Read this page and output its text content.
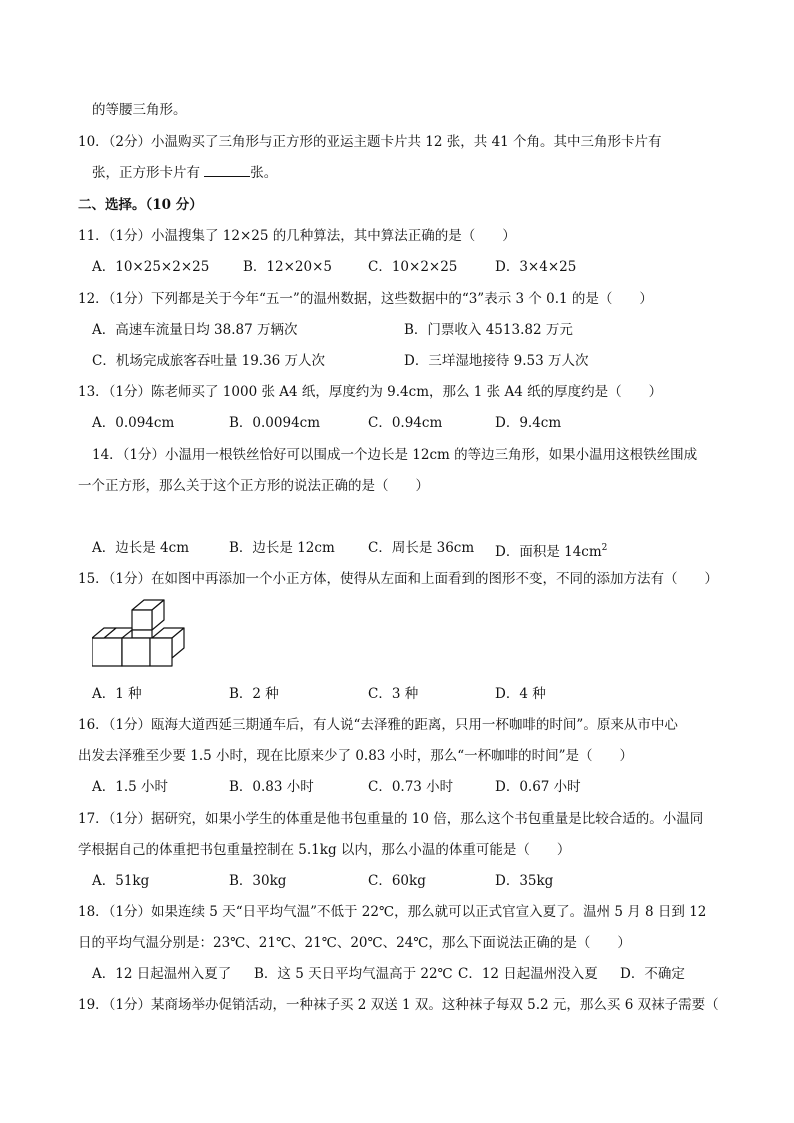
的等腰三角形。
10．（2分）小温购买了三角形与正方形的亚运主题卡片共 12 张，共 41 个角。其中三角形卡片有
张，正方形卡片有	张。
二、选择。（10 分）
11．（1分）小温搜集了 12×25 的几种算法，其中算法正确的是（　　）
A．10×25×2×25 B．12×20×5	C．10×2×25	D．3×4×25
12．（1分）下列都是关于今年“五一”的温州数据，这些数据中的“3”表示 3 个 0.1 的是（　　）
A．高速车流量日均 38.87 万辆次	B．门票收入 4513.82 万元
C．机场完成旅客吞吐量 19.36 万人次	D．三垟湿地接待 9.53 万人次
13．（1分）陈老师买了 1000 张 A4 纸，厚度约为 9.4cm，那么 1 张 A4 纸的厚度约是（　　）
A．0.094cm	B．0.0094cm	C．0.94cm	D．9.4cm
14．（1分）小温用一根铁丝恰好可以围成一个边长是 12cm 的等边三角形，如果小温用这根铁丝围成
一个正方形，那么关于这个正方形的说法正确的是（　　）
A．边长是 4cm	B．边长是 12cm C．周长是 36cm D．面积是 $14cm^2$
15．（1分）在如图中再添加一个小正方体，使得从左面和上面看到的图形不变，不同的添加方法有（　　）
A．1 种	B．2 种	C．3 种	D．4 种
16．（1分）瓯海大道西延三期通车后，有人说“去泽雅的距离，只用一杯咖啡的时间”。原来从市中心
出发去泽雅至少要 1.5 小时，现在比原来少了 0.83 小时，那么“一杯咖啡的时间”是（　　）
A．1.5 小时	B．0.83 小时	C．0.73 小时	D．0.67 小时
17．（1分）据研究，如果小学生的体重是他书包重量的 10 倍，那么这个书包重量是比较合适的。小温同
学根据自己的体重把书包重量控制在 5.1kg 以内，那么小温的体重可能是（　　）
A．51kg	B．30kg	C．60kg	D．35kg
18．（1分）如果连续 5 天“日平均气温”不低于 22℃，那么就可以正式官宣入夏了。温州 5 月 8 日到 12
日的平均气温分别是：23℃、21℃、21℃、20℃、24℃，那么下面说法正确的是（　　）
A．12 日起温州入夏了 B．这 5 天日平均气温高于 22℃ C．12 日起温州没入夏 D．不确定
19．（1分）某商场举办促销活动，一种袜子买 2 双送 1 双。这种袜子每双 5.2 元，那么买 6 双袜子需要（
